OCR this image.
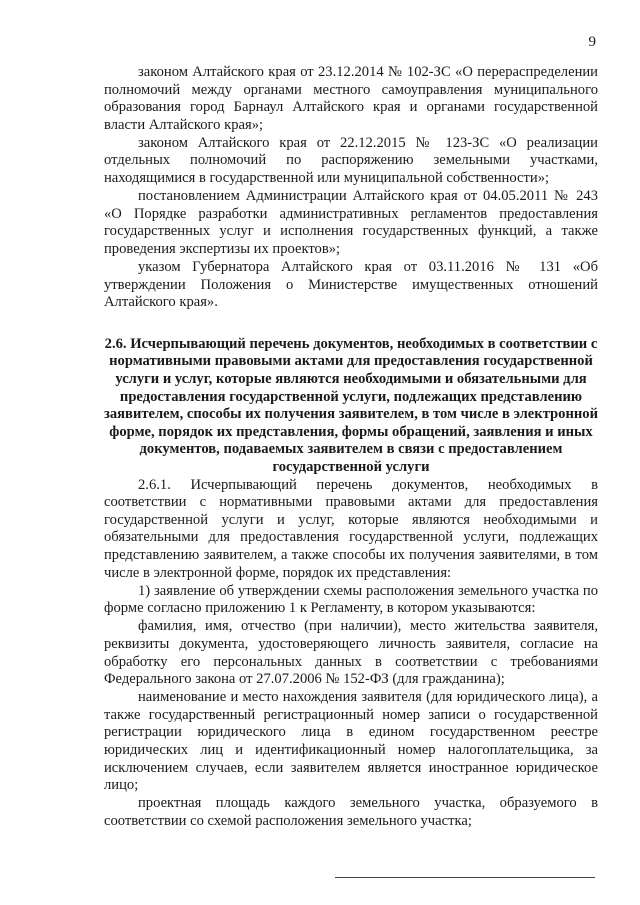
9

законом Алтайского края от 23.12.2014 № 102-ЗС «О перераспределении полномочий между органами местного самоуправления муниципального образования город Барнаул Алтайского края и органами государственной власти Алтайского края»;

законом Алтайского края от 22.12.2015 № 123-ЗС «О реализации отдельных полномочий по распоряжению земельными участками, находящимися в государственной или муниципальной собственности»;

постановлением Администрации Алтайского края от 04.05.2011 № 243 «О Порядке разработки административных регламентов предоставления государственных услуг и исполнения государственных функций, а также проведения экспертизы их проектов»;

указом Губернатора Алтайского края от 03.11.2016 № 131 «Об утверждении Положения о Министерстве имущественных отношений Алтайского края».

2.6. Исчерпывающий перечень документов, необходимых в соответствии с нормативными правовыми актами для предоставления государственной услуги и услуг, которые являются необходимыми и обязательными для предоставления государственной услуги, подлежащих представлению заявителем, способы их получения заявителем, в том числе в электронной форме, порядок их представления, формы обращений, заявления и иных документов, подаваемых заявителем в связи с предоставлением государственной услуги

2.6.1. Исчерпывающий перечень документов, необходимых в соответствии с нормативными правовыми актами для предоставления государственной услуги и услуг, которые являются необходимыми и обязательными для предоставления государственной услуги, подлежащих представлению заявителем, а также способы их получения заявителями, в том числе в электронной форме, порядок их представления:

1) заявление об утверждении схемы расположения земельного участка по форме согласно приложению 1 к Регламенту, в котором указываются:

фамилия, имя, отчество (при наличии), место жительства заявителя, реквизиты документа, удостоверяющего личность заявителя, согласие на обработку его персональных данных в соответствии с требованиями Федерального закона от 27.07.2006 № 152-ФЗ (для гражданина);

наименование и место нахождения заявителя (для юридического лица), а также государственный регистрационный номер записи о государственной регистрации юридического лица в едином государственном реестре юридических лиц и идентификационный номер налогоплательщика, за исключением случаев, если заявителем является иностранное юридическое лицо;

проектная площадь каждого земельного участка, образуемого в соответствии со схемой расположения земельного участка;
